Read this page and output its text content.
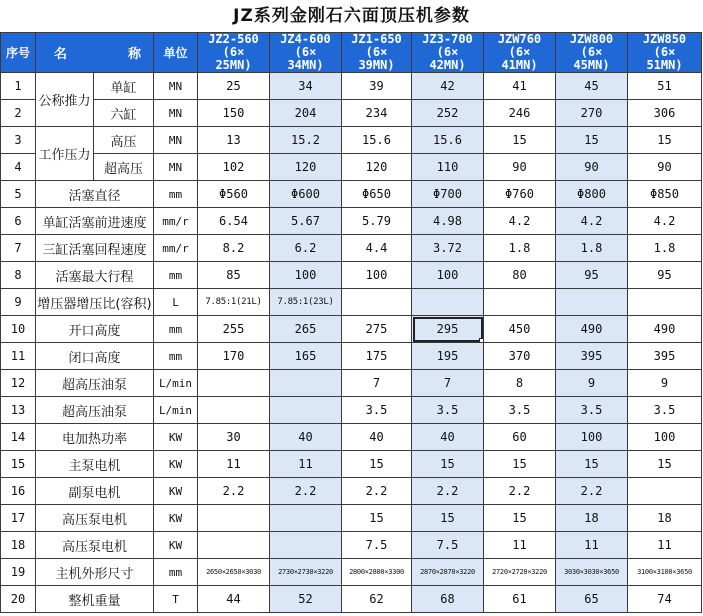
JZ系列金刚石六面顶压机参数
序号	名 称		单位	JZ2-560
(6×
25MN)	JZ4-600
(6×
34MN)	JZ1-650
(6×
39MN)	JZ3-700
(6×
42MN)	JZW760
(6×
41MN)	JZW800
(6×
45MN)	JZW850
(6×
51MN)

1	公称推力	单缸	MN	25	34	39	42	41	45	51
2		六缸	MN	150	204	234	252	246	270	306
3	工作压力	高压	MN	13	15.2	15.6	15.6	15	15	15
4		超高压	MN	102	120	120	110	90	90	90
5	活塞直径		mm	Φ560	Φ600	Φ650	Φ700	Φ760	Φ800	Φ850
6	单缸活塞前进速度		mm/r	6.54	5.67	5.79	4.98	4.2	4.2	4.2
7	三缸活塞回程速度		mm/r	8.2	6.2	4.4	3.72	1.8	1.8	1.8
8	活塞最大行程		mm	85	100	100	100	80	95	95
9	增压器增压比(容积)		L	7.85:1(21L)	7.85:1(23L)					
10	开口高度		mm	255	265	275	295	450	490	490
11	闭口高度		mm	170	165	175	195	370	395	395
12	超高压油泵		L/min			7	7	8	9	9
13	超高压油泵		L/min			3.5	3.5	3.5	3.5	3.5
14	电加热功率		KW	30	40	40	40	60	100	100
15	主泵电机		KW	11	11	15	15	15	15	15
16	副泵电机		KW	2.2	2.2	2.2	2.2	2.2	2.2	
17	高压泵电机		KW			15	15	15	18	18
18	高压泵电机		KW			7.5	7.5	11	11	11
19	主机外形尺寸		mm	2650×2650×3030	2730×2730×3220	2800×2800×3300	2870×2870×3220	2720×2720×3220	3030×3030×3650	3100×3100×3650
20	整机重量		T	44	52	62	68	61	65	74
